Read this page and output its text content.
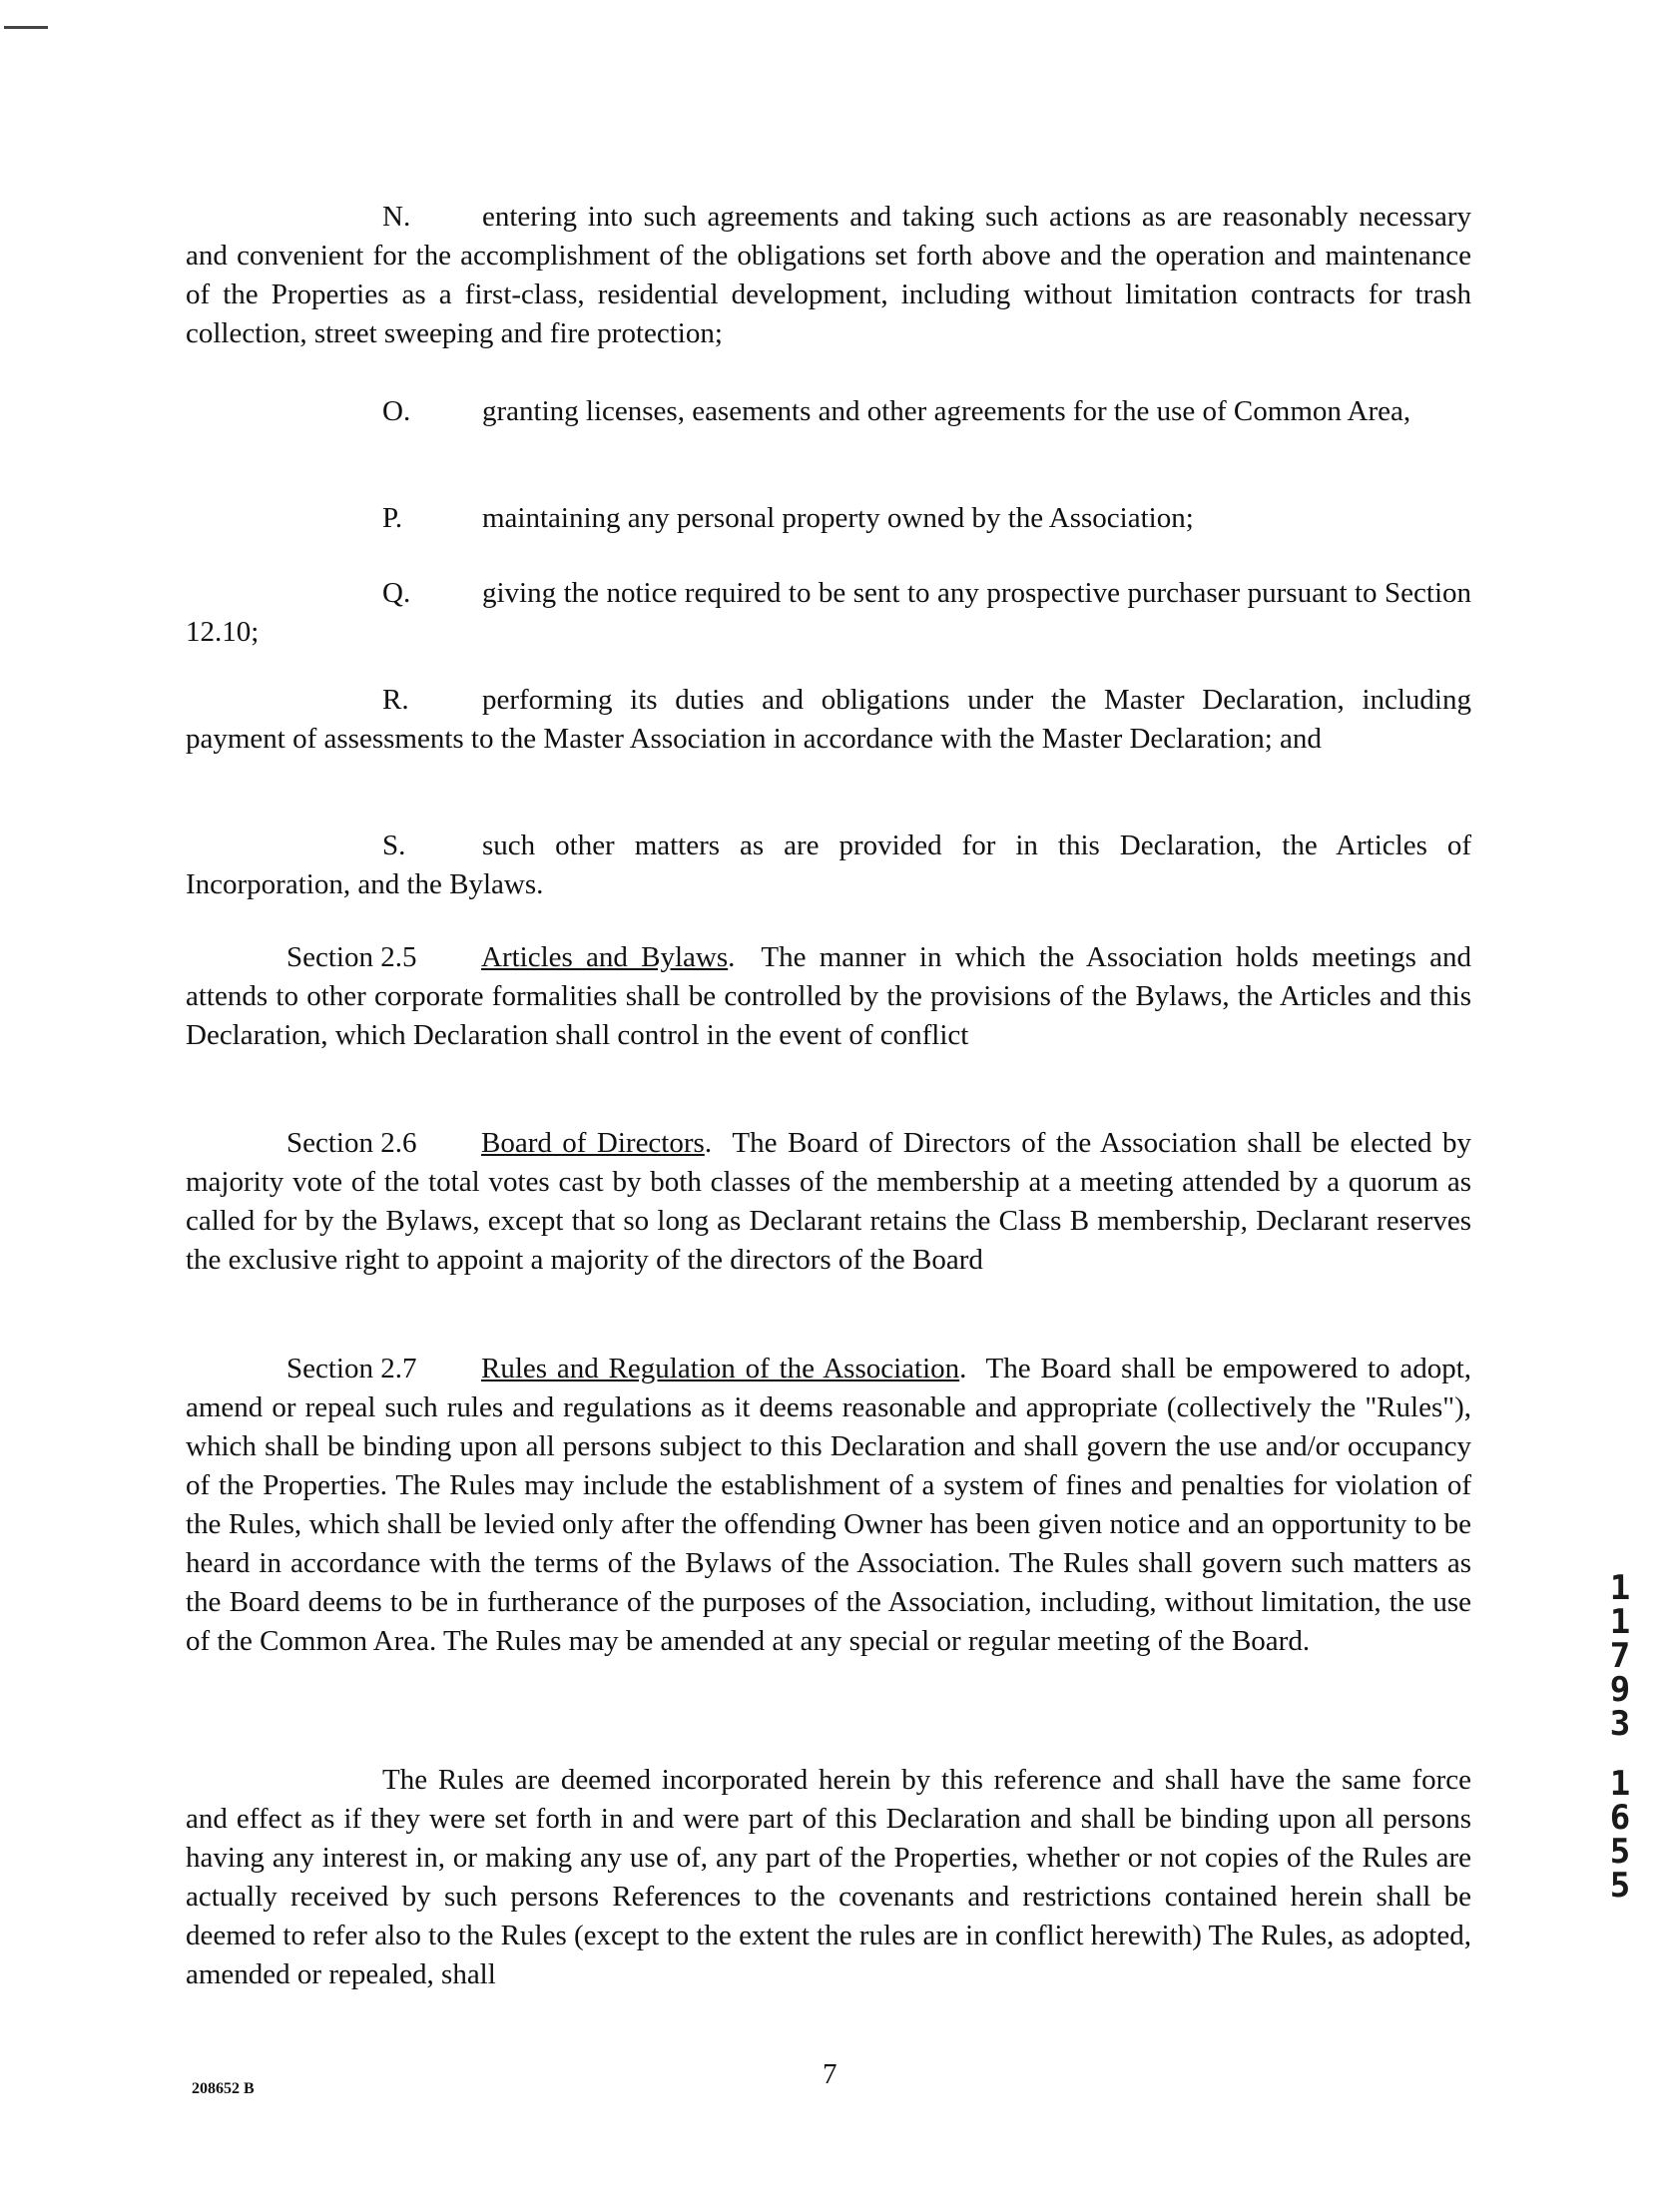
N. entering into such agreements and taking such actions as are reasonably necessary and convenient for the accomplishment of the obligations set forth above and the operation and maintenance of the Properties as a first-class, residential development, including without limitation contracts for trash collection, street sweeping and fire protection;
O. granting licenses, easements and other agreements for the use of Common Area,
P.	maintaining any personal property owned by the Association;
Q. giving the notice required to be sent to any prospective purchaser pursuant to Section 12.10;
R.	performing its duties and obligations under the Master Declaration, including payment of assessments to the Master Association in accordance with the Master Declaration; and
S.	such other matters as are provided for in this Declaration, the Articles of Incorporation, and the Bylaws.
Section 2.5 Articles and Bylaws.  The manner in which the Association holds meetings and attends to other corporate formalities shall be controlled by the provisions of the Bylaws, the Articles and this Declaration, which Declaration shall control in the event of conflict
Section 2.6 Board of Directors.  The Board of Directors of the Association shall be elected by majority vote of the total votes cast by both classes of the membership at a meeting attended by a quorum as called for by the Bylaws, except that so long as Declarant retains the Class B membership, Declarant reserves the exclusive right to appoint a majority of the directors of the Board
Section 2.7 Rules and Regulation of the Association.  The Board shall be empowered to adopt, amend or repeal such rules and regulations as it deems reasonable and appropriate (collectively the "Rules"), which shall be binding upon all persons subject to this Declaration and shall govern the use and/or occupancy of the Properties. The Rules may include the establishment of a system of fines and penalties for violation of the Rules, which shall be levied only after the offending Owner has been given notice and an opportunity to be heard in accordance with the terms of the Bylaws of the Association. The Rules shall govern such matters as the Board deems to be in furtherance of the purposes of the Association, including, without limitation, the use of the Common Area. The Rules may be amended at any special or regular meeting of the Board.
The Rules are deemed incorporated herein by this reference and shall have the same force and effect as if they were set forth in and were part of this Declaration and shall be binding upon all persons having any interest in, or making any use of, any part of the Properties, whether or not copies of the Rules are actually received by such persons References to the covenants and restrictions contained herein shall be deemed to refer also to the Rules (except to the extent the rules are in conflict herewith) The Rules, as adopted, amended or repealed, shall
208652 B	7
1
1
7
9
3
1
6
5
5
